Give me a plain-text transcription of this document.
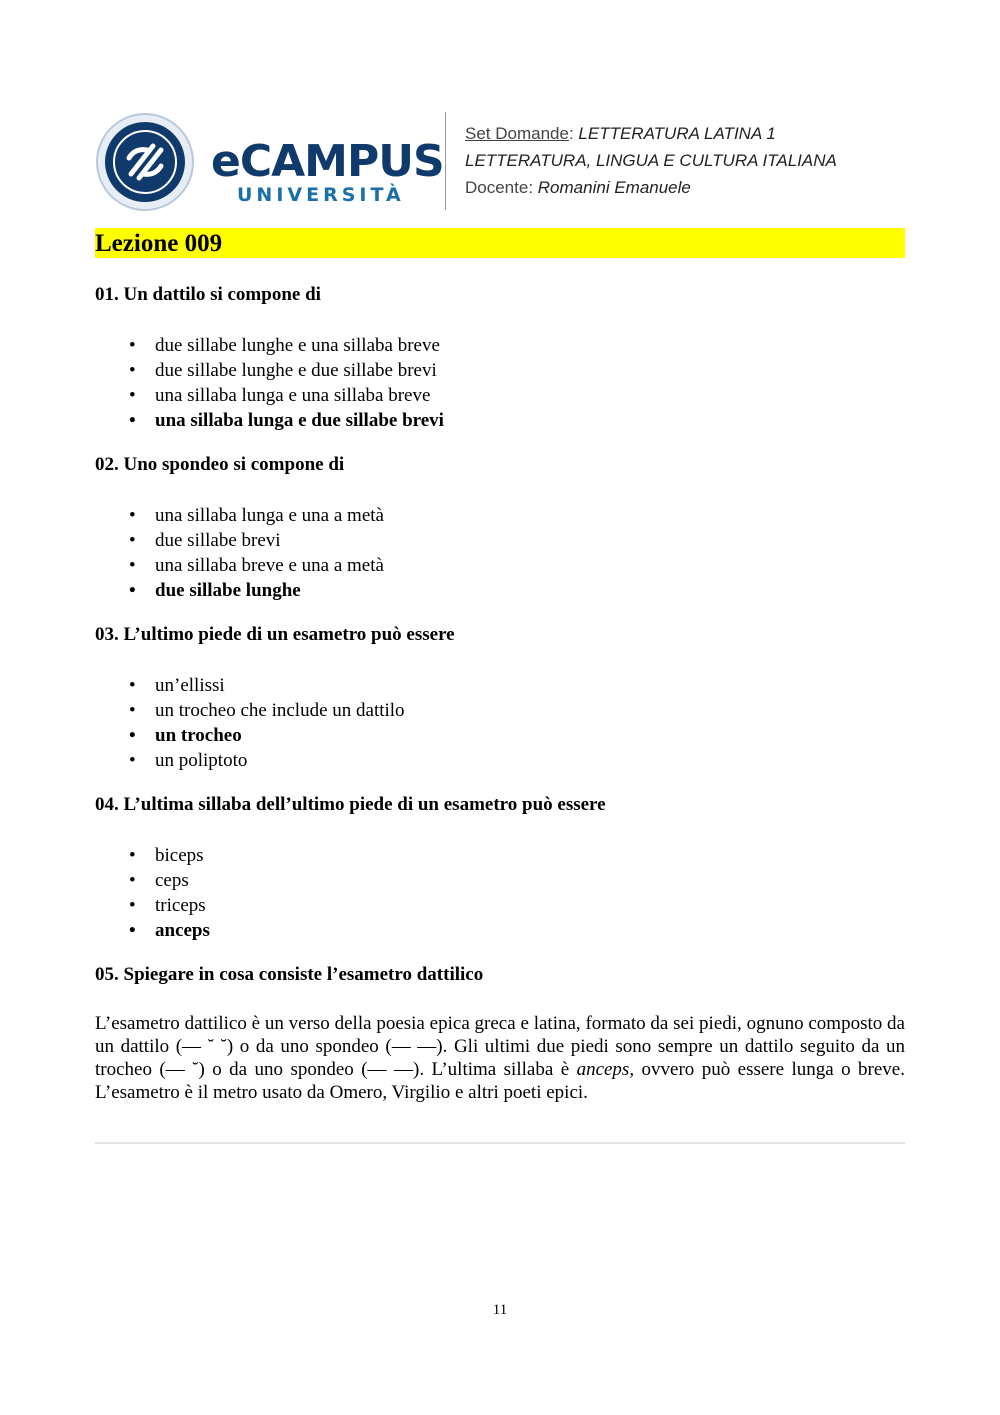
eCAMPUS
UNIVERSITÀ
Set Domande: LETTERATURA LATINA 1
LETTERATURA, LINGUA E CULTURA ITALIANA
Docente: Romanini Emanuele
Lezione 009

01. Un dattilo si compone di

• due sillabe lunghe e una sillaba breve
• due sillabe lunghe e due sillabe brevi
• una sillaba lunga e una sillaba breve
• una sillaba lunga e due sillabe brevi

02. Uno spondeo si compone di

• una sillaba lunga e una a metà
• due sillabe brevi
• una sillaba breve e una a metà
• due sillabe lunghe

03. L’ultimo piede di un esametro può essere

• un’ellissi
• un trocheo che include un dattilo
• un trocheo
• un poliptoto

04. L’ultima sillaba dell’ultimo piede di un esametro può essere

• biceps
• ceps
• triceps
• anceps

05. Spiegare in cosa consiste l’esametro dattilico

L’esametro dattilico è un verso della poesia epica greca e latina, formato da sei piedi, ognuno composto da un dattilo (— ˘ ˘) o da uno spondeo (— —). Gli ultimi due piedi sono sempre un dattilo seguito da un trocheo (— ˘) o da uno spondeo (— —). L’ultima sillaba è anceps, ovvero può essere lunga o breve. L’esametro è il metro usato da Omero, Virgilio e altri poeti epici.

11
